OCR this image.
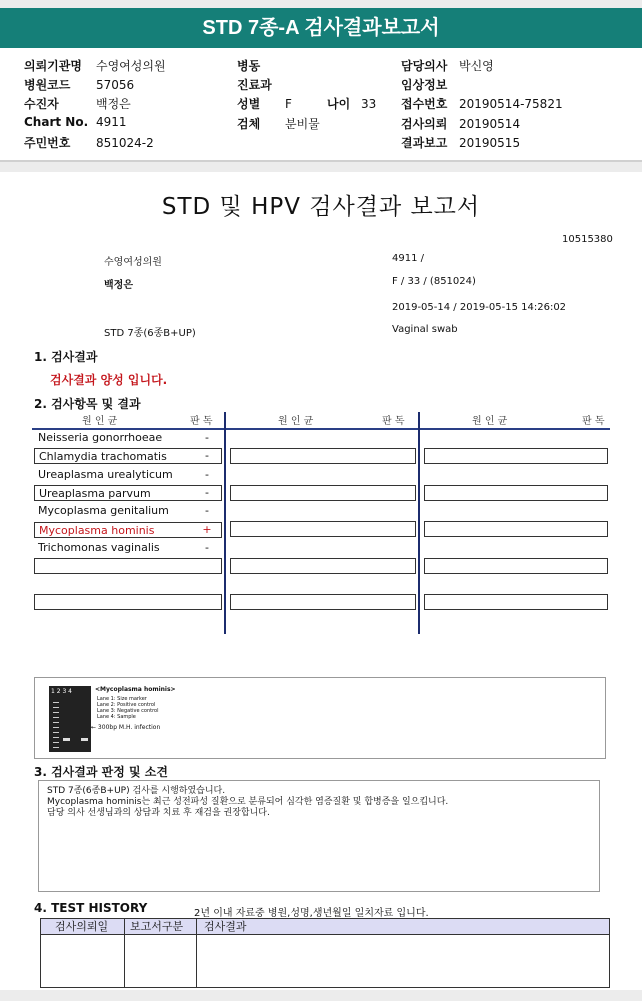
STD 7종-A 검사결과보고서
의뢰기관명 수영여성의원
병원코드 57056
수진자	백정은
Chart No. 4911
주민번호 851024-2
병동
진료과
성별 F	나이 33
검체 분비물
담당의사 박신영
임상정보
접수번호 20190514-75821
검사의뢰 20190514
결과보고 20190515
STD 및 HPV 검사결과 보고서
10515380
수영여성의원	4911 /
백정은	F / 33 / (851024)
2019-05-14 / 2019-05-15 14:26:02
STD 7종(6종B+UP)	Vaginal swab
1. 검사결과
검사결과 양성 입니다.
2. 검사항목 및 결과
원 인 균	판 독	원 인 균	판 독	원 인 균	판 독
Neisseria gonorrhoeae	-
Chlamydia trachomatis	-
Ureaplasma urealyticum	-
Ureaplasma parvum	-
Mycoplasma genitalium	-
Mycoplasma hominis	+
Trichomonas vaginalis	-
1 2 3 4	<Mycoplasma hominis>
Lane 1: Size marker
Lane 2: Positive control
Lane 3: Negative control
Lane 4: Sample
← 300bp M.H. infection
3. 검사결과 판정 및 소견
STD 7종(6종B+UP) 검사를 시행하였습니다.
Mycoplasma hominis는 최근 성전파성 질환으로 분류되어 심각한 염증질환 및 합병증을 일으킵니다.
담당 의사 선생님과의 상담과 치료 후 재검을 권장합니다.
4. TEST HISTORY	2년 이내 자료중 병원,성명,생년월일 일치자료 입니다.
검사의뢰일	보고서구분	검사결과
